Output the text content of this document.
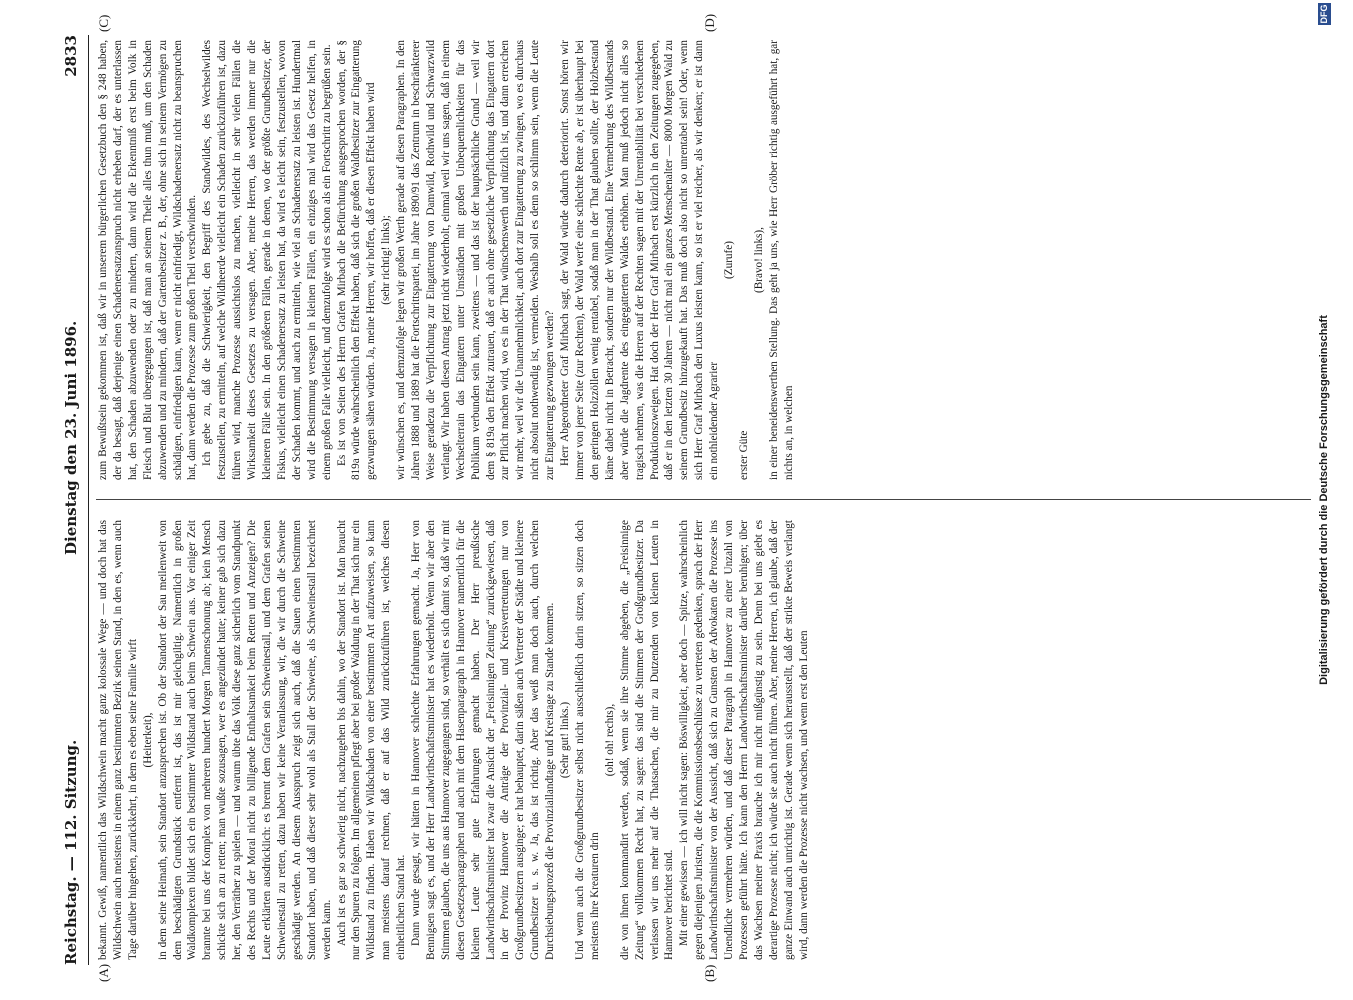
Reichstag. — 112. Sitzung.
Dienstag den 23. Juni 1896.
2833
(A)	(B)
(C)	(D)

bekannt. Gewiß, namentlich das Wildschwein macht ganz kolossale Wege — und doch hat das Wildschwein auch meistens in einem ganz bestimmten Bezirk seinen Stand, in den es, wenn auch Tage darüber hingehen, zurückkehrt, in dem es eben seine Familie wirft (Heiterkeit), in dem seine Heimath, sein Standort anzusprechen ist. Ob der Standort der Sau meilenweit von dem beschädigten Grundstück entfernt ist, das ist mir gleichgiltig. Namentlich in großen Waldkomplexen bildet sich ein bestimmter Wildstand auch beim Schwein aus. Vor einiger Zeit brannte bei uns der Komplex von mehreren hundert Morgen Tannenschonung ab; kein Mensch schickte sich an zu retten; man wußte sozusagen, wer es angezündet hatte; keiner gab sich dazu her, den Verräther zu spielen — und warum übte das Volk diese ganz sicherlich vom Standpunkt des Rechts und der Moral nicht zu billigende Enthaltsamkeit beim Retten und Anzeigen? Die Leute erklärten ausdrücklich: es brennt dem Grafen sein Schweinestall, und dem Grafen seinen Schweinestall zu retten, dazu haben wir keine Veranlassung, wir, die wir durch die Schweine geschädigt werden. An diesem Ausspruch zeigt sich auch, daß die Sauen einen bestimmten Standort haben, und daß dieser sehr wohl als Stall der Schweine, als Schweinestall bezeichnet werden kann. Auch ist es gar so schwierig nicht, nachzugehen bis dahin, wo der Standort ist. Man braucht nur den Spuren zu folgen. Im allgemeinen pflegt aber bei großer Waldung in der That sich nur ein Wildstand zu finden. Haben wir Wildschaden von einer bestimmten Art aufzuweisen, so kann man meistens darauf rechnen, daß er auf das Wild zurückzuführen ist, welches diesen einheitlichen Stand hat. Dann wurde gesagt, wir hätten in Hannover schlechte Erfahrungen gemacht. Ja, Herr von Bennigsen sagt es, und der Herr Landwirthschaftsminister hat es wiederholt. Wenn wir aber den Stimmen glauben, die uns aus Hannover zugegangen sind, so verhält es sich damit so, daß wir mit diesen Gesetzesparagraphen und auch mit dem Hasenparagraph in Hannover namentlich für die kleinen Leute sehr gute Erfahrungen gemacht haben. Der Herr preußische Landwirthschaftsminister hat zwar die Ansicht der „Freisinnigen Zeitung“ zurückgewiesen, daß in der Provinz Hannover die Anträge der Provinzial- und Kreisvertretungen nur von Großgrundbesitzern ausginge; er hat behauptet, darin säßen auch Vertreter der Städte und kleinere Grundbesitzer u. s. w. Ja, das ist richtig. Aber das weiß man doch auch, durch welchen Durchsiebungsprozeß die Provinziallandtage und Kreistage zu Stande kommen. (Sehr gut! links.) Und wenn auch die Großgrundbesitzer selbst nicht ausschließlich darin sitzen, so sitzen doch meistens ihre Kreaturen drin

(oh! oh! rechts), die von ihnen kommandirt werden, sodaß, wenn sie ihre Stimme abgeben, die „Freisinnige Zeitung“ vollkommen Recht hat, zu sagen: das sind die Stimmen der Großgrundbesitzer. Da verlassen wir uns mehr auf die Thatsachen, die mir zu Dutzenden von kleinen Leuten in Hannover berichtet sind. Mit einer gewissen — ich will nicht sagen: Böswilligkeit, aber doch — Spitze, wahrscheinlich gegen diejenigen Juristen, die die Kommissionsbeschlüsse zu vertreten gedenken, sprach der Herr Landwirthschaftsminister von der Aussicht, daß sich zu Gunsten der Advokaten die Prozesse ins Unendliche vermehren würden, und daß dieser Paragraph in Hannover zu einer Unzahl von Prozessen geführt hätte. Ich kann den Herrn Landwirthschaftsminister darüber beruhigen; über das Wachsen meiner Praxis brauche ich mir nicht mißgünstig zu sein. Denn bei uns giebt es derartige Prozesse nicht; ich würde sie auch nicht führen. Aber, meine Herren, ich glaube, daß der ganze Einwand auch unrichtig ist. Gerade wenn sich herausstellt, daß der strikte Beweis verlangt wird, dann werden die Prozesse nicht wachsen, und wenn erst den Leuten

zum Bewußtsein gekommen ist, daß wir in unserem bürgerlichen Gesetzbuch den § 248 haben, der da besagt, daß derjenige einen Schadenersatzanspruch nicht erheben darf, der es unterlassen hat, den Schaden abzuwenden oder zu mindern, dann wird die Erkenntniß erst beim Volk in Fleisch und Blut übergegangen ist, daß man an seinem Theile alles thun muß, um den Schaden abzuwenden und zu mindern, daß der Gartenbesitzer z. B., der, ohne sich in seinem Vermögen zu schädigen, einfriedigen kann, wenn er nicht einfriedigt, Wildschadenersatz nicht zu beanspruchen hat, dann werden die Prozesse zum großen Theil verschwinden. Ich gebe zu, daß die Schwierigkeit, den Begriff des Standwildes, des Wechselwildes festzustellen, zu ermitteln, auf welche Wildheerde vielleicht ein Schaden zurückzuführen ist, dazu führen wird, manche Prozesse aussichtslos zu machen, vielleicht in sehr vielen Fällen die Wirksamkeit dieses Gesetzes zu versagen. Aber, meine Herren, das werden immer nur die kleineren Fälle sein. In den größeren Fällen, gerade in denen, wo der größte Grundbesitzer, der Fiskus, vielleicht einen Schadenersatz zu leisten hat, da wird es leicht sein, festzustellen, wovon der Schaden kommt, und auch zu ermitteln, wie viel an Schadenersatz zu leisten ist. Hundertmal wird die Bestimmung versagen in kleinen Fällen, ein einziges mal wird das Gesetz helfen, in einem großen Falle vielleicht, und demzufolge wird es schon als ein Fortschritt zu begrüßen sein. Es ist von Seiten des Herrn Grafen Mirbach die Befürchtung ausgesprochen worden, der § 819a würde wahrscheinlich den Effekt haben, daß sich die großen Waldbesitzer zur Eingatterung gezwungen sähen würden. Ja, meine Herren, wir hoffen, daß er diesen Effekt haben wird (sehr richtig! links); wir wünschen es, und demzufolge legen wir großen Werth gerade auf diesen Paragraphen. In den Jahren 1888 und 1889 hat die Fortschrittspartei, im Jahre 1890/91 das Zentrum in beschränkterer Weise geradezu die Verpflichtung zur Eingatterung von Damwild, Rothwild und Schwarzwild verlangt. Wir haben diesen Antrag jetzt nicht wiederholt, einmal weil wir uns sagen, daß in einem Wechselterrain das Eingattern unter Umständen mit großen Unbequemlichkeiten für das Publikum verbunden sein kann, zweitens — und das ist der hauptsächliche Grund — weil wir dem § 819a den Effekt zutrauen, daß er auch ohne gesetzliche Verpflichtung das Eingattern dort zur Pflicht machen wird, wo es in der That wünschenswerth und nützlich ist, und dann erreichen wir mehr, weil wir die Unannehmlichkeit, auch dort zur Eingatterung zu zwingen, wo es durchaus nicht absolut nothwendig ist, vermeiden. Weshalb soll es denn so schlimm sein, wenn die Leute zur Eingatterung gezwungen werden? Herr Abgeordneter Graf Mirbach sagt, der Wald würde dadurch deteriorirt. Sonst hören wir immer von jener Seite (zur Rechten), der Wald werfe eine schlechte Rente ab, er ist überhaupt bei den geringen Holzzöllen wenig rentabel, sodaß man in der That glauben sollte, der Holzbestand käme dabei nicht in Betracht, sondern nur der Wildbestand. Eine Vermehrung des Wildbestands aber würde die Jagdrente des eingegatterten Waldes erhöhen. Man muß jedoch nicht alles so tragisch nehmen, was die Herren auf der Rechten sagen mit der Unrentabilität bei verschiedenen Produktionszweigen. Hat doch der Herr Graf Mirbach erst kürzlich in den Zeitungen zugegeben, daß er in den letzten 30 Jahren — nicht mal ein ganzes Menschenalter — 8000 Morgen Wald zu seinem Grundbesitz hinzugekauft hat. Das muß doch also nicht so unrentabel sein! Oder, wenn sich Herr Graf Mirbach den Luxus leisten kann, so ist er viel reicher, als wir denken; er ist dann ein nothleidender Agrarier

(Zurufe)

erster Güte

(Bravo! links), in einer beneidenswerthen Stellung. Das geht ja uns, wie Herr Gröber richtig ausgeführt hat, gar nichts an, in welchen	Digitalisierung gefördert durch die Deutsche Forschungsgemeinschaft
DFG
